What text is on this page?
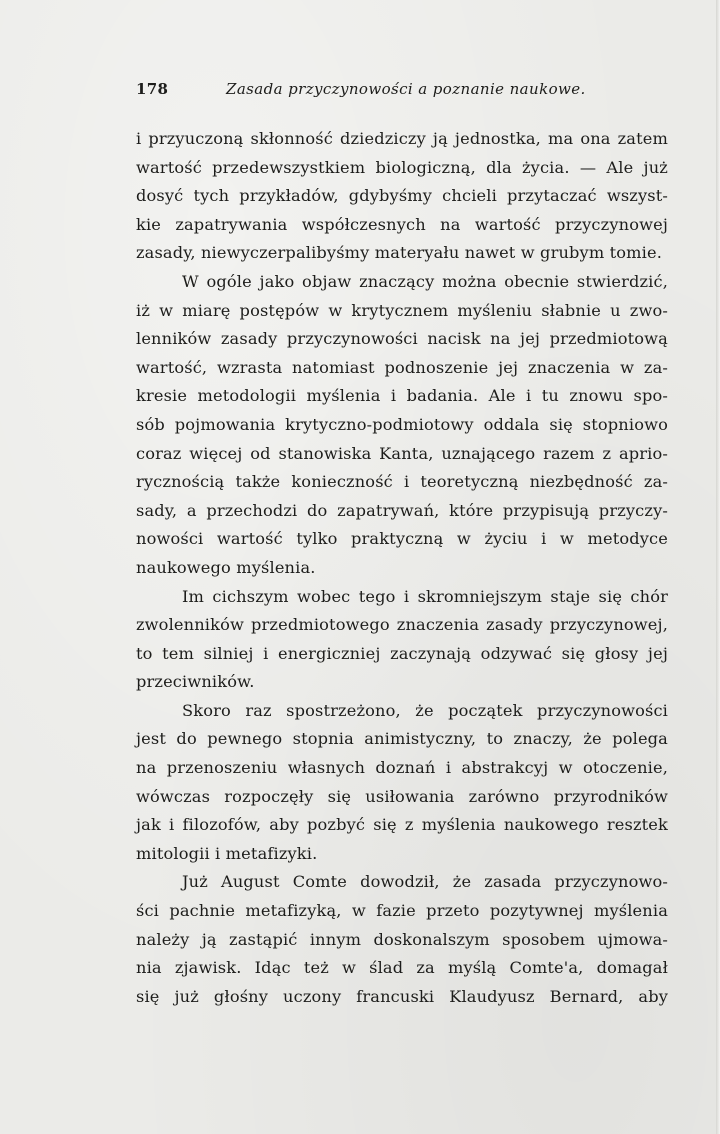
178	Zasada przyczynowości a poznanie naukowe.
i przyuczoną skłonność dziedziczy ją jednostka, ma ona zatem
wartość przedewszystkiem biologiczną, dla życia. — Ale już
dosyć tych przykładów, gdybyśmy chcieli przytaczać wszyst-
kie zapatrywania współczesnych na wartość przyczynowej
zasady, niewyczerpalibyśmy materyału nawet w grubym tomie.
W ogóle jako objaw znaczący można obecnie stwierdzić,
iż w miarę postępów w krytycznem myśleniu słabnie u zwo-
lenników zasady przyczynowości nacisk na jej przedmiotową
wartość, wzrasta natomiast podnoszenie jej znaczenia w za-
kresie metodologii myślenia i badania. Ale i tu znowu spo-
sób pojmowania krytyczno-podmiotowy oddala się stopniowo
coraz więcej od stanowiska Kanta, uznającego razem z aprio-
rycznością także konieczność i teoretyczną niezbędność za-
sady, a przechodzi do zapatrywań, które przypisują przyczy-
nowości wartość tylko praktyczną w życiu i w metodyce
naukowego myślenia.
Im cichszym wobec tego i skromniejszym staje się chór
zwolenników przedmiotowego znaczenia zasady przyczynowej,
to tem silniej i energiczniej zaczynają odzywać się głosy jej
przeciwników.
Skoro raz spostrzeżono, że początek przyczynowości
jest do pewnego stopnia animistyczny, to znaczy, że polega
na przenoszeniu własnych doznań i abstrakcyj w otoczenie,
wówczas rozpoczęły się usiłowania zarówno przyrodników
jak i filozofów, aby pozbyć się z myślenia naukowego resztek
mitologii i metafizyki.
Już August Comte dowodził, że zasada przyczynowo-
ści pachnie metafizyką, w fazie przeto pozytywnej myślenia
należy ją zastąpić innym doskonalszym sposobem ujmowa-
nia zjawisk. Idąc też w ślad za myślą Comte'a, domagał
się już głośny uczony francuski Klaudyusz Bernard, aby
